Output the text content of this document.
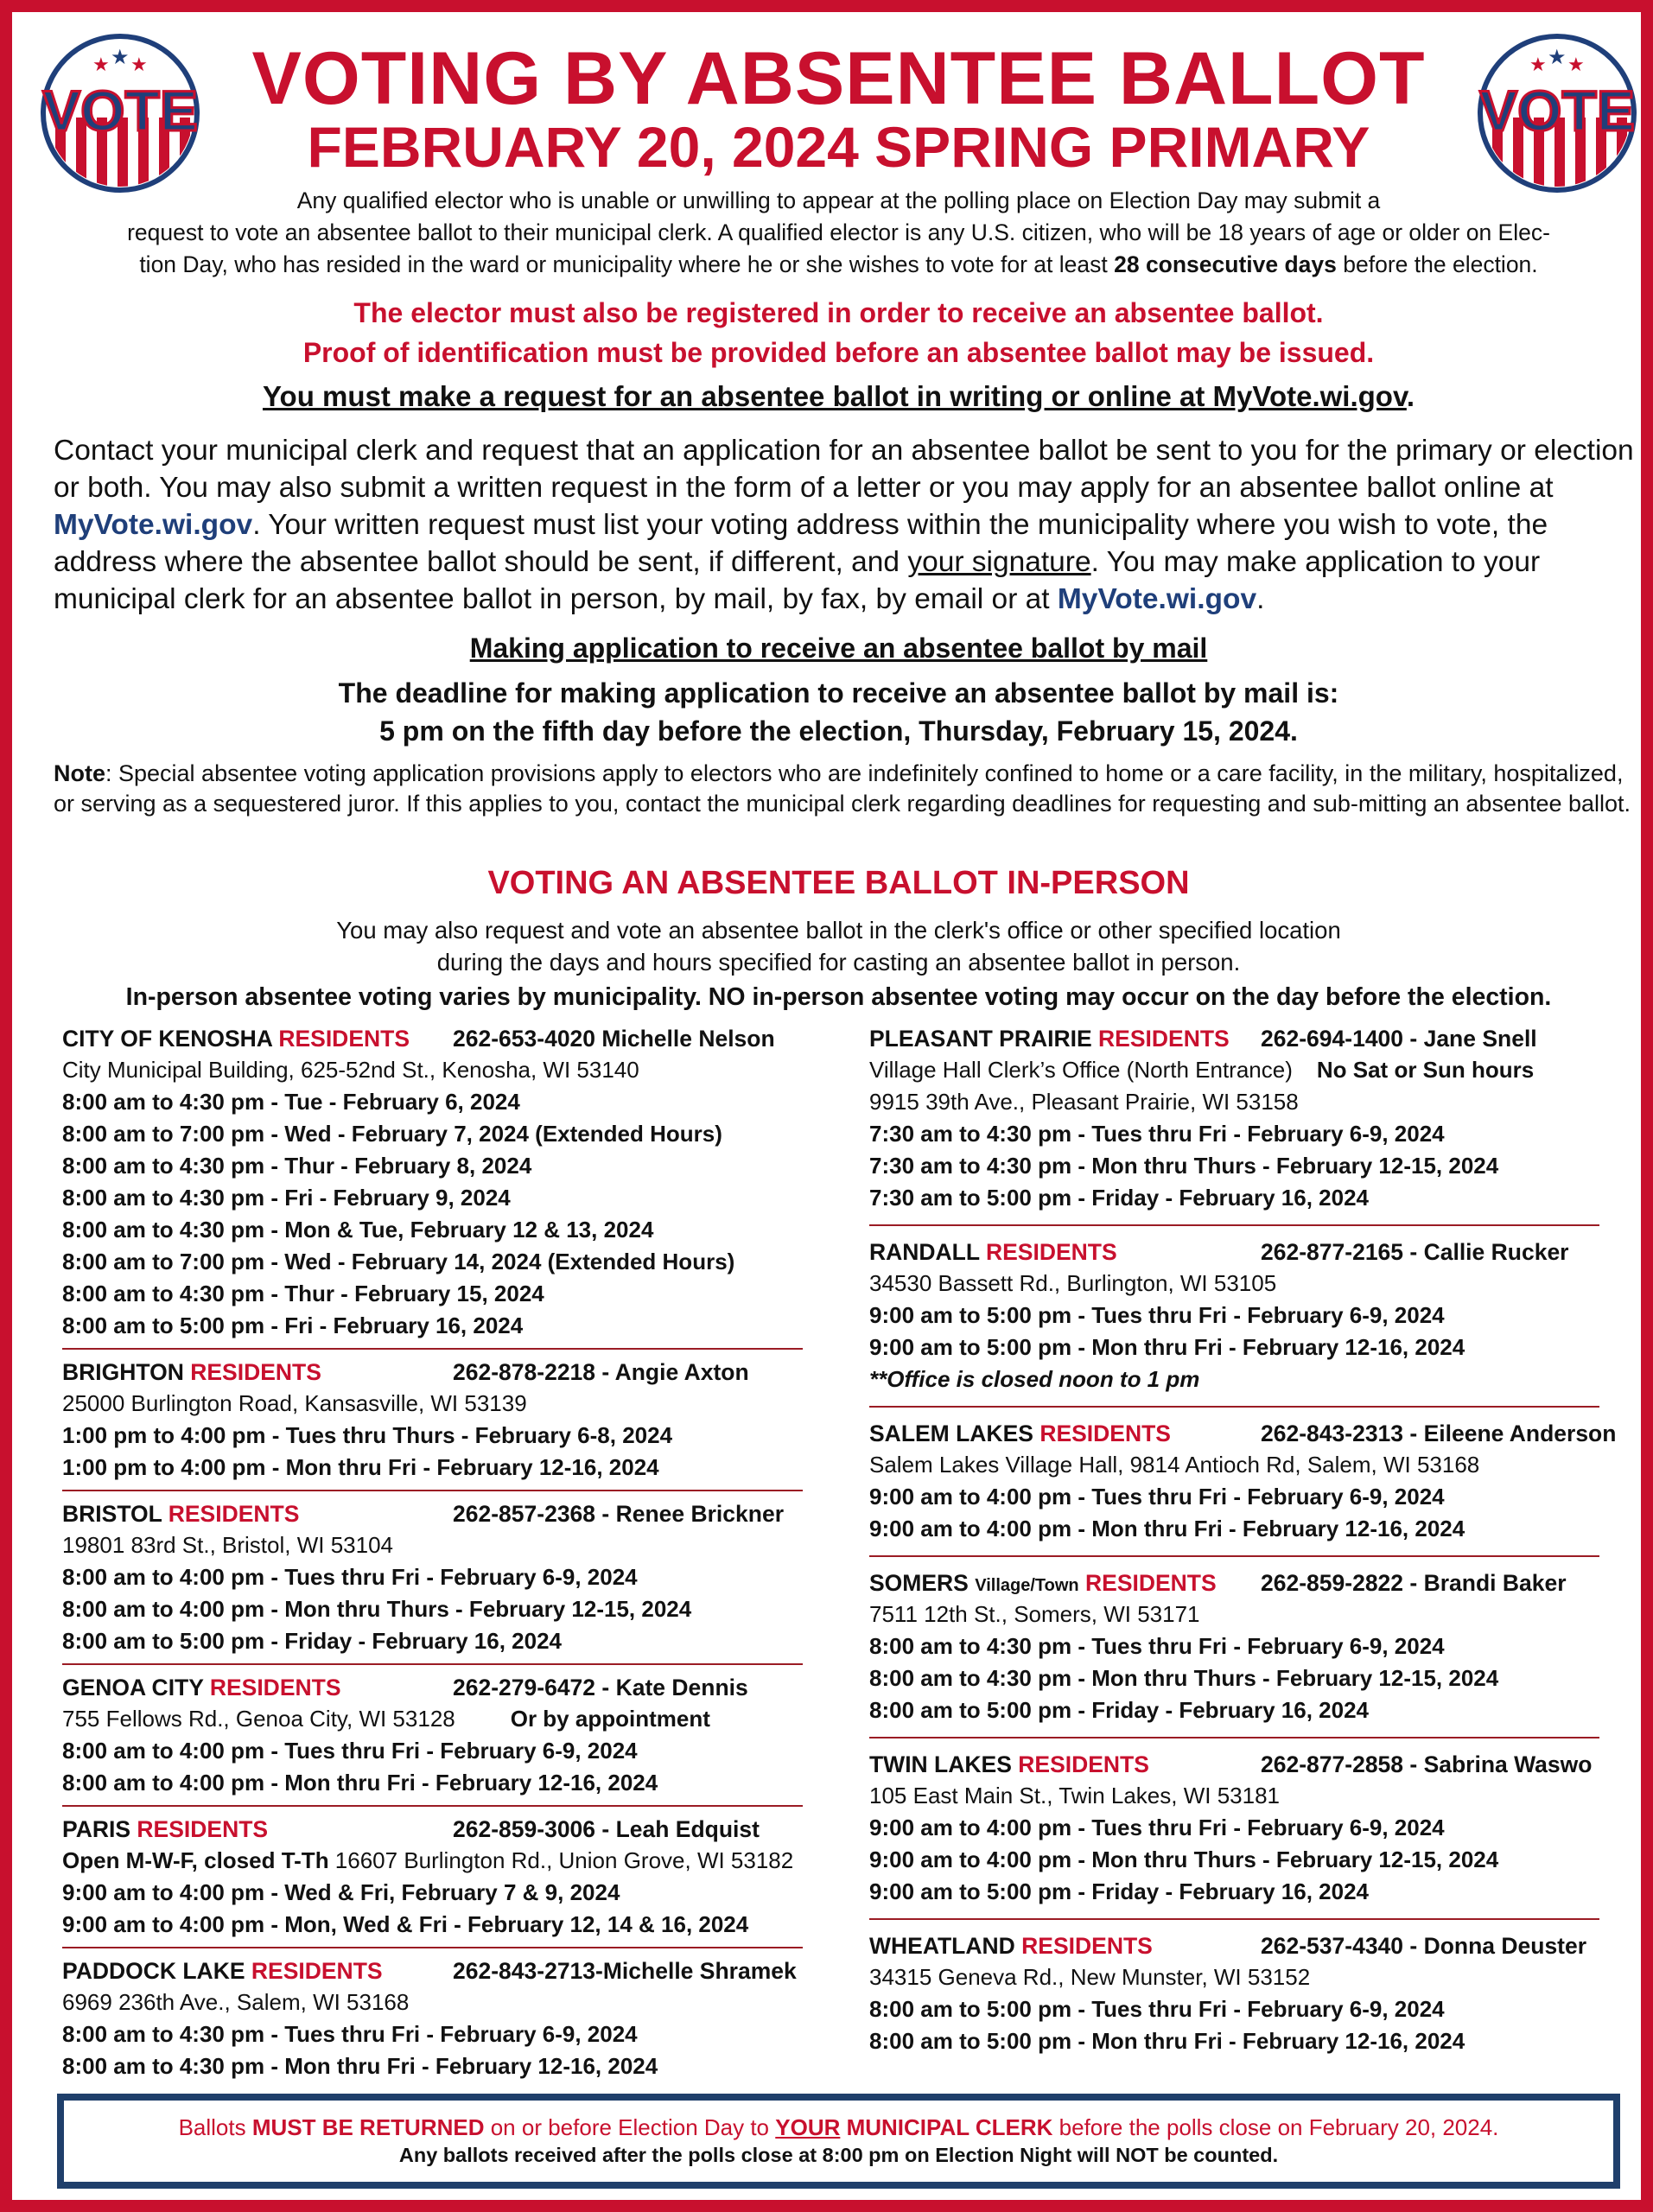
★ ★ ★
VOTE
★ ★ ★
VOTE
VOTING BY ABSENTEE BALLOT
FEBRUARY 20, 2024 SPRING PRIMARY
Any qualified elector who is unable or unwilling to appear at the polling place on Election Day may submit a
request to vote an absentee ballot to their municipal clerk. A qualified elector is any U.S. citizen, who will be 18 years of age or older on Elec-
tion Day, who has resided in the ward or municipality where he or she wishes to vote for at least 28 consecutive days before the election.
The elector must also be registered in order to receive an absentee ballot.
Proof of identification must be provided before an absentee ballot may be issued.
You must make a request for an absentee ballot in writing or online at MyVote.wi.gov.
Contact your municipal clerk and request that an application for an absentee ballot be sent to you for the primary or election or both. You may also submit a written request in the form of a letter or you may apply for an absentee ballot online at MyVote.wi.gov. Your written request must list your voting address within the municipality where you wish to vote, the address where the absentee ballot should be sent, if different, and your signature. You may make application to your municipal clerk for an absentee ballot in person, by mail, by fax, by email or at MyVote.wi.gov.
Making application to receive an absentee ballot by mail
The deadline for making application to receive an absentee ballot by mail is:
5 pm on the fifth day before the election, Thursday, February 15, 2024.
Note: Special absentee voting application provisions apply to electors who are indefinitely confined to home or a care facility, in the military, hospitalized, or serving as a sequestered juror. If this applies to you, contact the municipal clerk regarding deadlines for requesting and sub-mitting an absentee ballot.
VOTING AN ABSENTEE BALLOT IN-PERSON
You may also request and vote an absentee ballot in the clerk's office or other specified location
during the days and hours specified for casting an absentee ballot in person.
In-person absentee voting varies by municipality. NO in-person absentee voting may occur on the day before the election.
CITY OF KENOSHA RESIDENTS 262-653-4020 Michelle Nelson
City Municipal Building, 625-52nd St., Kenosha, WI 53140
8:00 am to 4:30 pm - Tue - February 6, 2024
8:00 am to 7:00 pm - Wed - February 7, 2024 (Extended Hours)
8:00 am to 4:30 pm - Thur - February 8, 2024
8:00 am to 4:30 pm - Fri - February 9, 2024
8:00 am to 4:30 pm - Mon & Tue, February 12 & 13, 2024
8:00 am to 7:00 pm - Wed - February 14, 2024 (Extended Hours)
8:00 am to 4:30 pm - Thur - February 15, 2024
8:00 am to 5:00 pm - Fri - February 16, 2024
BRIGHTON RESIDENTS	262-878-2218 - Angie Axton
25000 Burlington Road, Kansasville, WI 53139
1:00 pm to 4:00 pm - Tues thru Thurs - February 6-8, 2024
1:00 pm to 4:00 pm - Mon thru Fri - February 12-16, 2024
BRISTOL RESIDENTS	262-857-2368 - Renee Brickner
19801 83rd St., Bristol, WI 53104
8:00 am to 4:00 pm - Tues thru Fri - February 6-9, 2024
8:00 am to 4:00 pm - Mon thru Thurs - February 12-15, 2024
8:00 am to 5:00 pm - Friday - February 16, 2024
GENOA CITY RESIDENTS	262-279-6472 - Kate Dennis
755 Fellows Rd., Genoa City, WI 53128 Or by appointment
8:00 am to 4:00 pm - Tues thru Fri - February 6-9, 2024
8:00 am to 4:00 pm - Mon thru Fri - February 12-16, 2024
PARIS RESIDENTS	262-859-3006 - Leah Edquist
Open M-W-F, closed T-Th 16607 Burlington Rd., Union Grove, WI 53182
9:00 am to 4:00 pm - Wed & Fri, February 7 & 9, 2024
9:00 am to 4:00 pm - Mon, Wed & Fri - February 12, 14 & 16, 2024
PADDOCK LAKE RESIDENTS	262-843-2713-Michelle Shramek
6969 236th Ave., Salem, WI 53168
8:00 am to 4:30 pm - Tues thru Fri - February 6-9, 2024
8:00 am to 4:30 pm - Mon thru Fri - February 12-16, 2024
PLEASANT PRAIRIE RESIDENTS 262-694-1400 - Jane Snell
Village Hall Clerk’s Office (North Entrance) No Sat or Sun hours
9915 39th Ave., Pleasant Prairie, WI 53158
7:30 am to 4:30 pm - Tues thru Fri - February 6-9, 2024
7:30 am to 4:30 pm - Mon thru Thurs - February 12-15, 2024
7:30 am to 5:00 pm - Friday - February 16, 2024
RANDALL RESIDENTS	262-877-2165 - Callie Rucker
34530 Bassett Rd., Burlington, WI 53105
9:00 am to 5:00 pm - Tues thru Fri - February 6-9, 2024
9:00 am to 5:00 pm - Mon thru Fri - February 12-16, 2024
**Office is closed noon to 1 pm
SALEM LAKES RESIDENTS	262-843-2313 - Eileene Anderson
Salem Lakes Village Hall, 9814 Antioch Rd, Salem, WI 53168
9:00 am to 4:00 pm - Tues thru Fri - February 6-9, 2024
9:00 am to 4:00 pm - Mon thru Fri - February 12-16, 2024
SOMERS Village/Town RESIDENTS 262-859-2822 - Brandi Baker
7511 12th St., Somers, WI 53171
8:00 am to 4:30 pm - Tues thru Fri - February 6-9, 2024
8:00 am to 4:30 pm - Mon thru Thurs - February 12-15, 2024
8:00 am to 5:00 pm - Friday - February 16, 2024
TWIN LAKES RESIDENTS	262-877-2858 - Sabrina Waswo
105 East Main St., Twin Lakes, WI 53181
9:00 am to 4:00 pm - Tues thru Fri - February 6-9, 2024
9:00 am to 4:00 pm - Mon thru Thurs - February 12-15, 2024
9:00 am to 5:00 pm - Friday - February 16, 2024
WHEATLAND RESIDENTS	262-537-4340 - Donna Deuster
34315 Geneva Rd., New Munster, WI 53152
8:00 am to 5:00 pm - Tues thru Fri - February 6-9, 2024
8:00 am to 5:00 pm - Mon thru Fri - February 12-16, 2024
Ballots MUST BE RETURNED on or before Election Day to YOUR MUNICIPAL CLERK before the polls close on February 20, 2024.
Any ballots received after the polls close at 8:00 pm on Election Night will NOT be counted.
